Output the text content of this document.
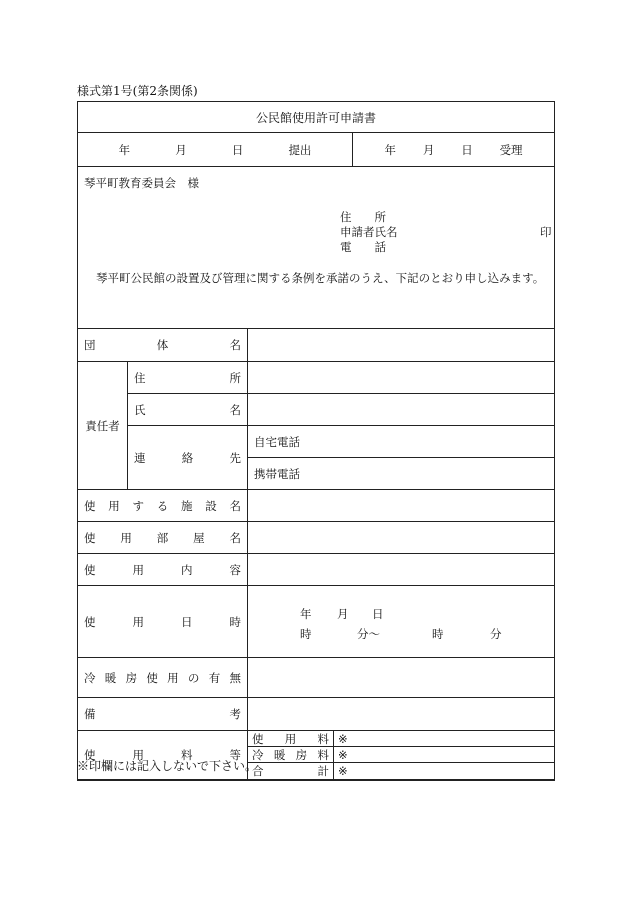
様式第1号(第2条関係)
公民館使用許可申請書
年	月	日	提出	年 月 日 受理
琴平町教育委員会　様
住　　所
申請者氏名	印
電　　話
琴平町公民館の設置及び管理に関する条例を承諾のうえ、下記のとおり申し込みます。
団	体	名
責任者
住	所
氏	名
連	絡	先
自宅電話
携帯電話
使 用 す る 施 設 名
使 用 部 屋 名
使	用	内	容
使	用	日	時
年 月 日
時	分〜	時	分
冷 暖 房 使 用 の 有 無
備	考
使	用	料	等
使 用 料 ※
冷 暖 房 料 ※
合	計 ※
※印欄には記入しないで下さい。
